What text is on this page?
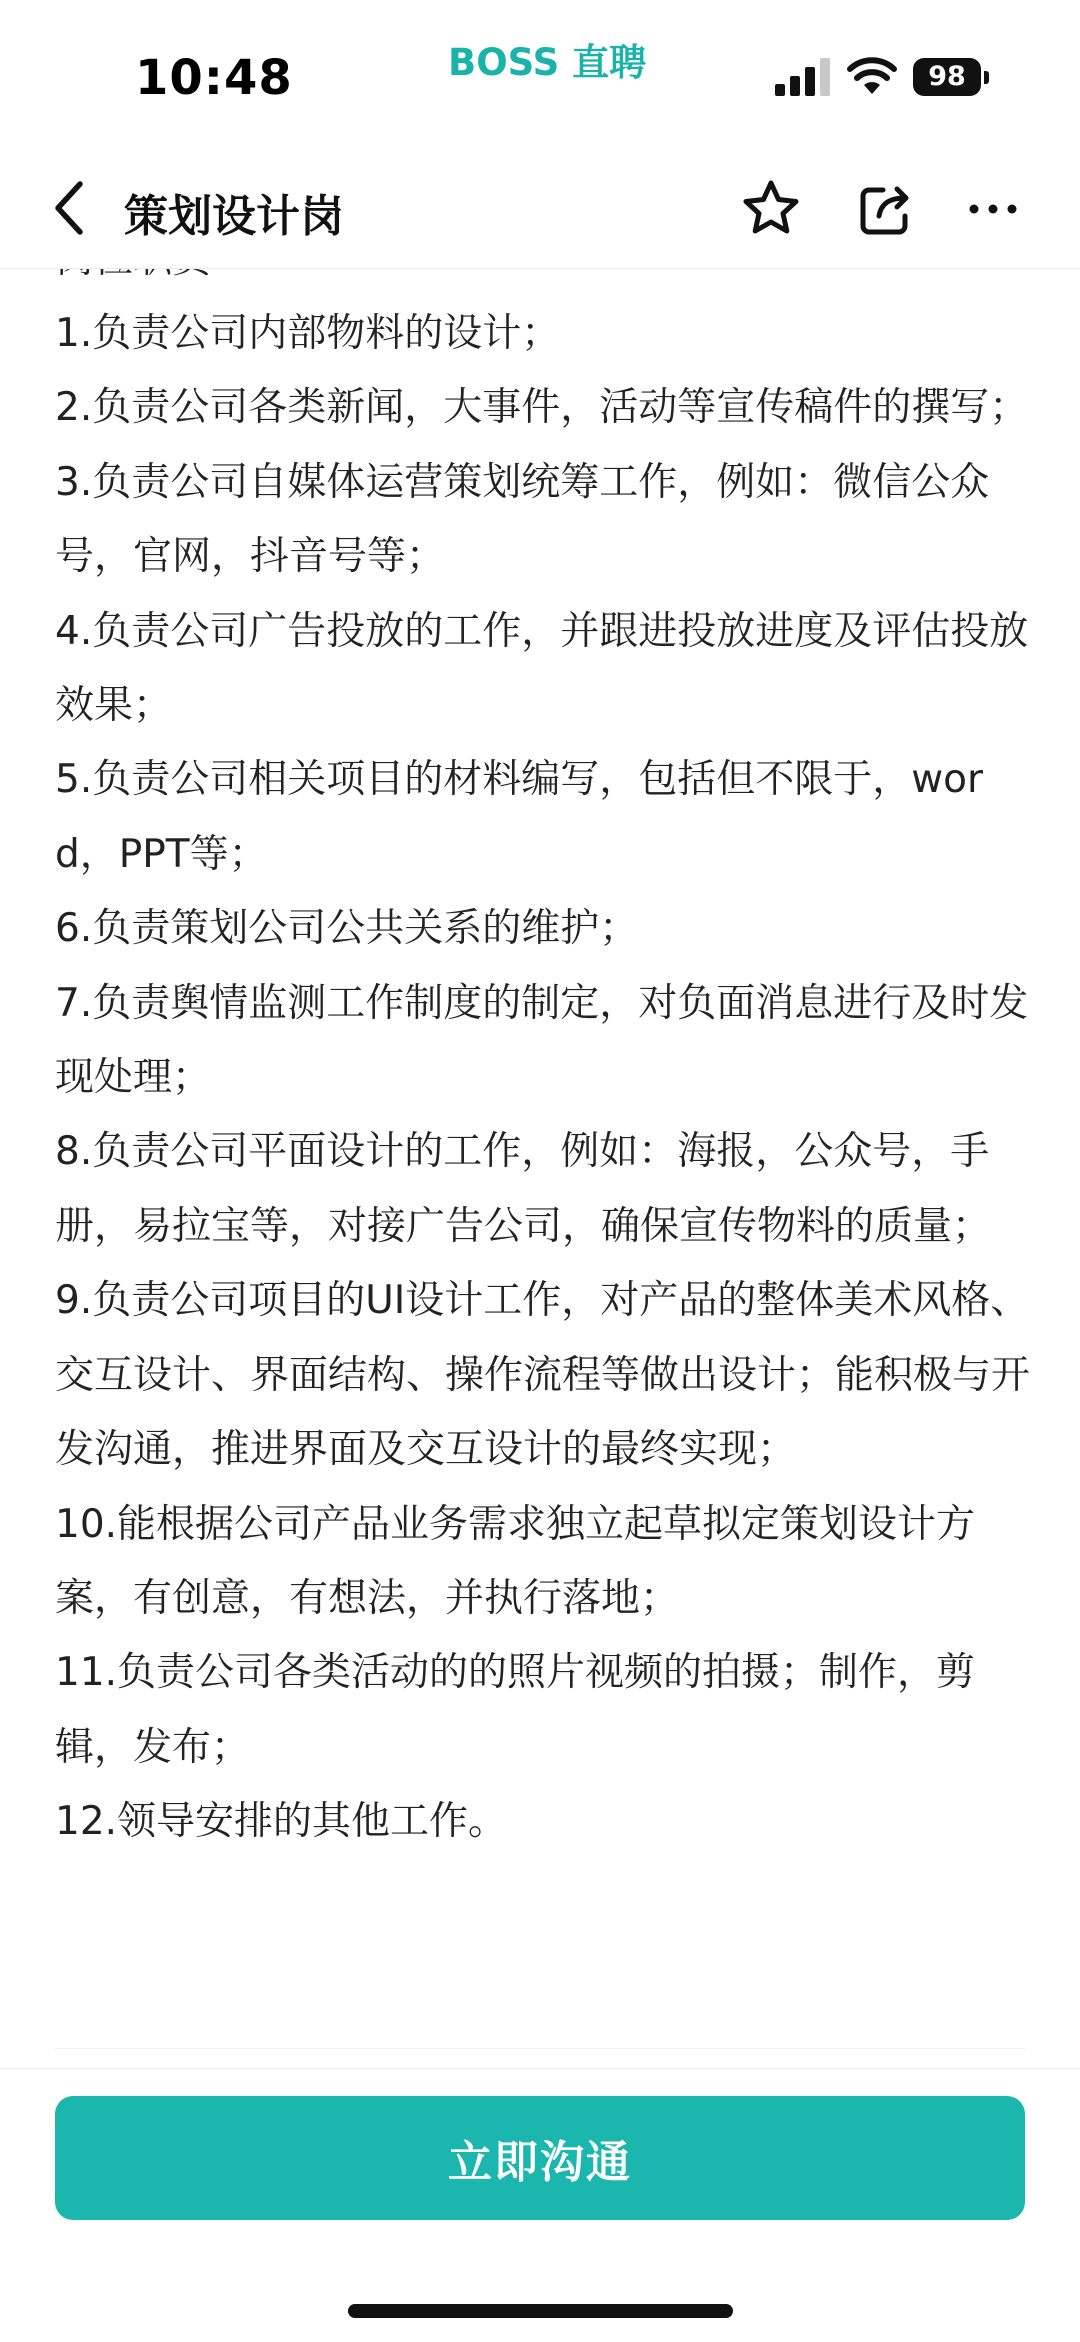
10:48	BOSS 直聘	98
1.负责公司内部物料的设计；
2.负责公司各类新闻，大事件，活动等宣传稿件的撰写；
3.负责公司自媒体运营策划统筹工作，例如：微信公众号，官网，抖音号等；
4.负责公司广告投放的工作，并跟进投放进度及评估投放效果；
5.负责公司相关项目的材料编写，包括但不限于，word，PPT等；
6.负责策划公司公共关系的维护；
7.负责舆情监测工作制度的制定，对负面消息进行及时发现处理；
8.负责公司平面设计的工作，例如：海报，公众号，手册，易拉宝等，对接广告公司，确保宣传物料的质量；
9.负责公司项目的UI设计工作，对产品的整体美术风格、交互设计、界面结构、操作流程等做出设计；能积极与开发沟通，推进界面及交互设计的最终实现；
10.能根据公司产品业务需求独立起草拟定策划设计方案，有创意，有想法，并执行落地；
11.负责公司各类活动的的照片视频的拍摄；制作，剪辑，发布；
12.领导安排的其他工作。
策划设计岗
立即沟通
